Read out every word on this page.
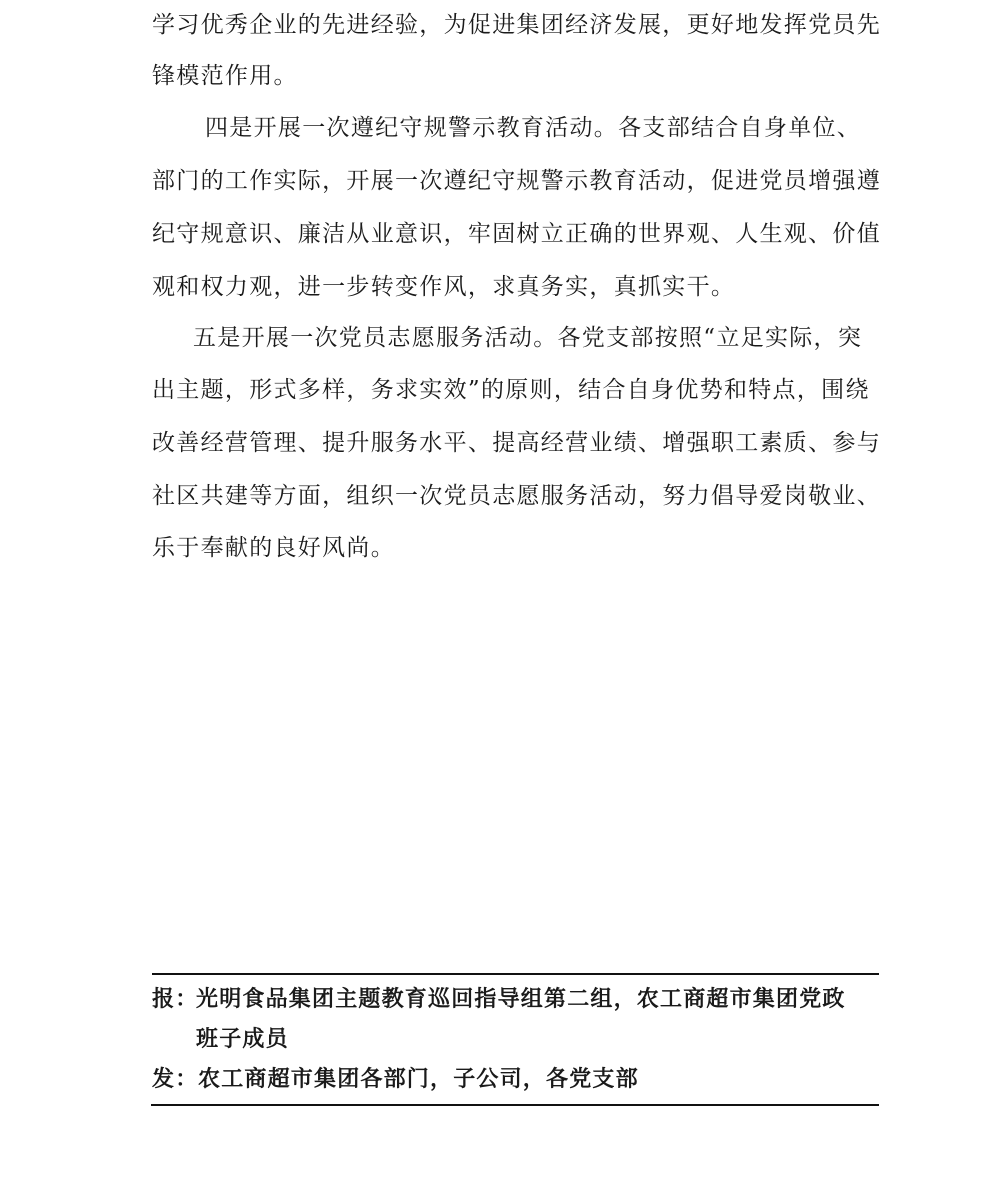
学习优秀企业的先进经验，为促进集团经济发展，更好地发挥党员先
锋模范作用。
四是开展一次遵纪守规警示教育活动。各支部结合自身单位、
部门的工作实际，开展一次遵纪守规警示教育活动，促进党员增强遵
纪守规意识、廉洁从业意识，牢固树立正确的世界观、人生观、价值
观和权力观，进一步转变作风，求真务实，真抓实干。
五是开展一次党员志愿服务活动。各党支部按照“立足实际，突
出主题，形式多样，务求实效”的原则，结合自身优势和特点，围绕
改善经营管理、提升服务水平、提高经营业绩、增强职工素质、参与
社区共建等方面，组织一次党员志愿服务活动，努力倡导爱岗敬业、
乐于奉献的良好风尚。
报：
光明食品集团主题教育巡回指导组第二组，农工商超市集团党政
班子成员
发： 农工商超市集团各部门，子公司，各党支部
